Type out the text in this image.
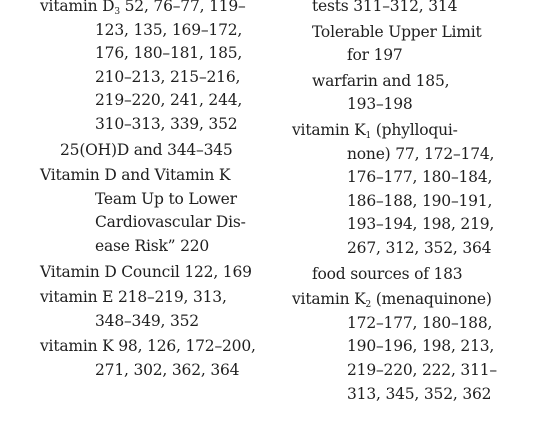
vitamin D3 52, 76–77, 119–
123, 135, 169–172,
176, 180–181, 185,
210–213, 215–216,
219–220, 241, 244,
310–313, 339, 352
25(OH)D and 344–345
Vitamin D and Vitamin K
Team Up to Lower
Cardiovascular Dis-
ease Risk” 220
Vitamin D Council 122, 169
vitamin E 218–219, 313,
348–349, 352
vitamin K 98, 126, 172–200,
271, 302, 362, 364
tests 311–312, 314
Tolerable Upper Limit
for 197
warfarin and 185,
193–198
vitamin K1 (phylloqui-
none) 77, 172–174,
176–177, 180–184,
186–188, 190–191,
193–194, 198, 219,
267, 312, 352, 364
food sources of 183
vitamin K2 (menaquinone)
172–177, 180–188,
190–196, 198, 213,
219–220, 222, 311–
313, 345, 352, 362
